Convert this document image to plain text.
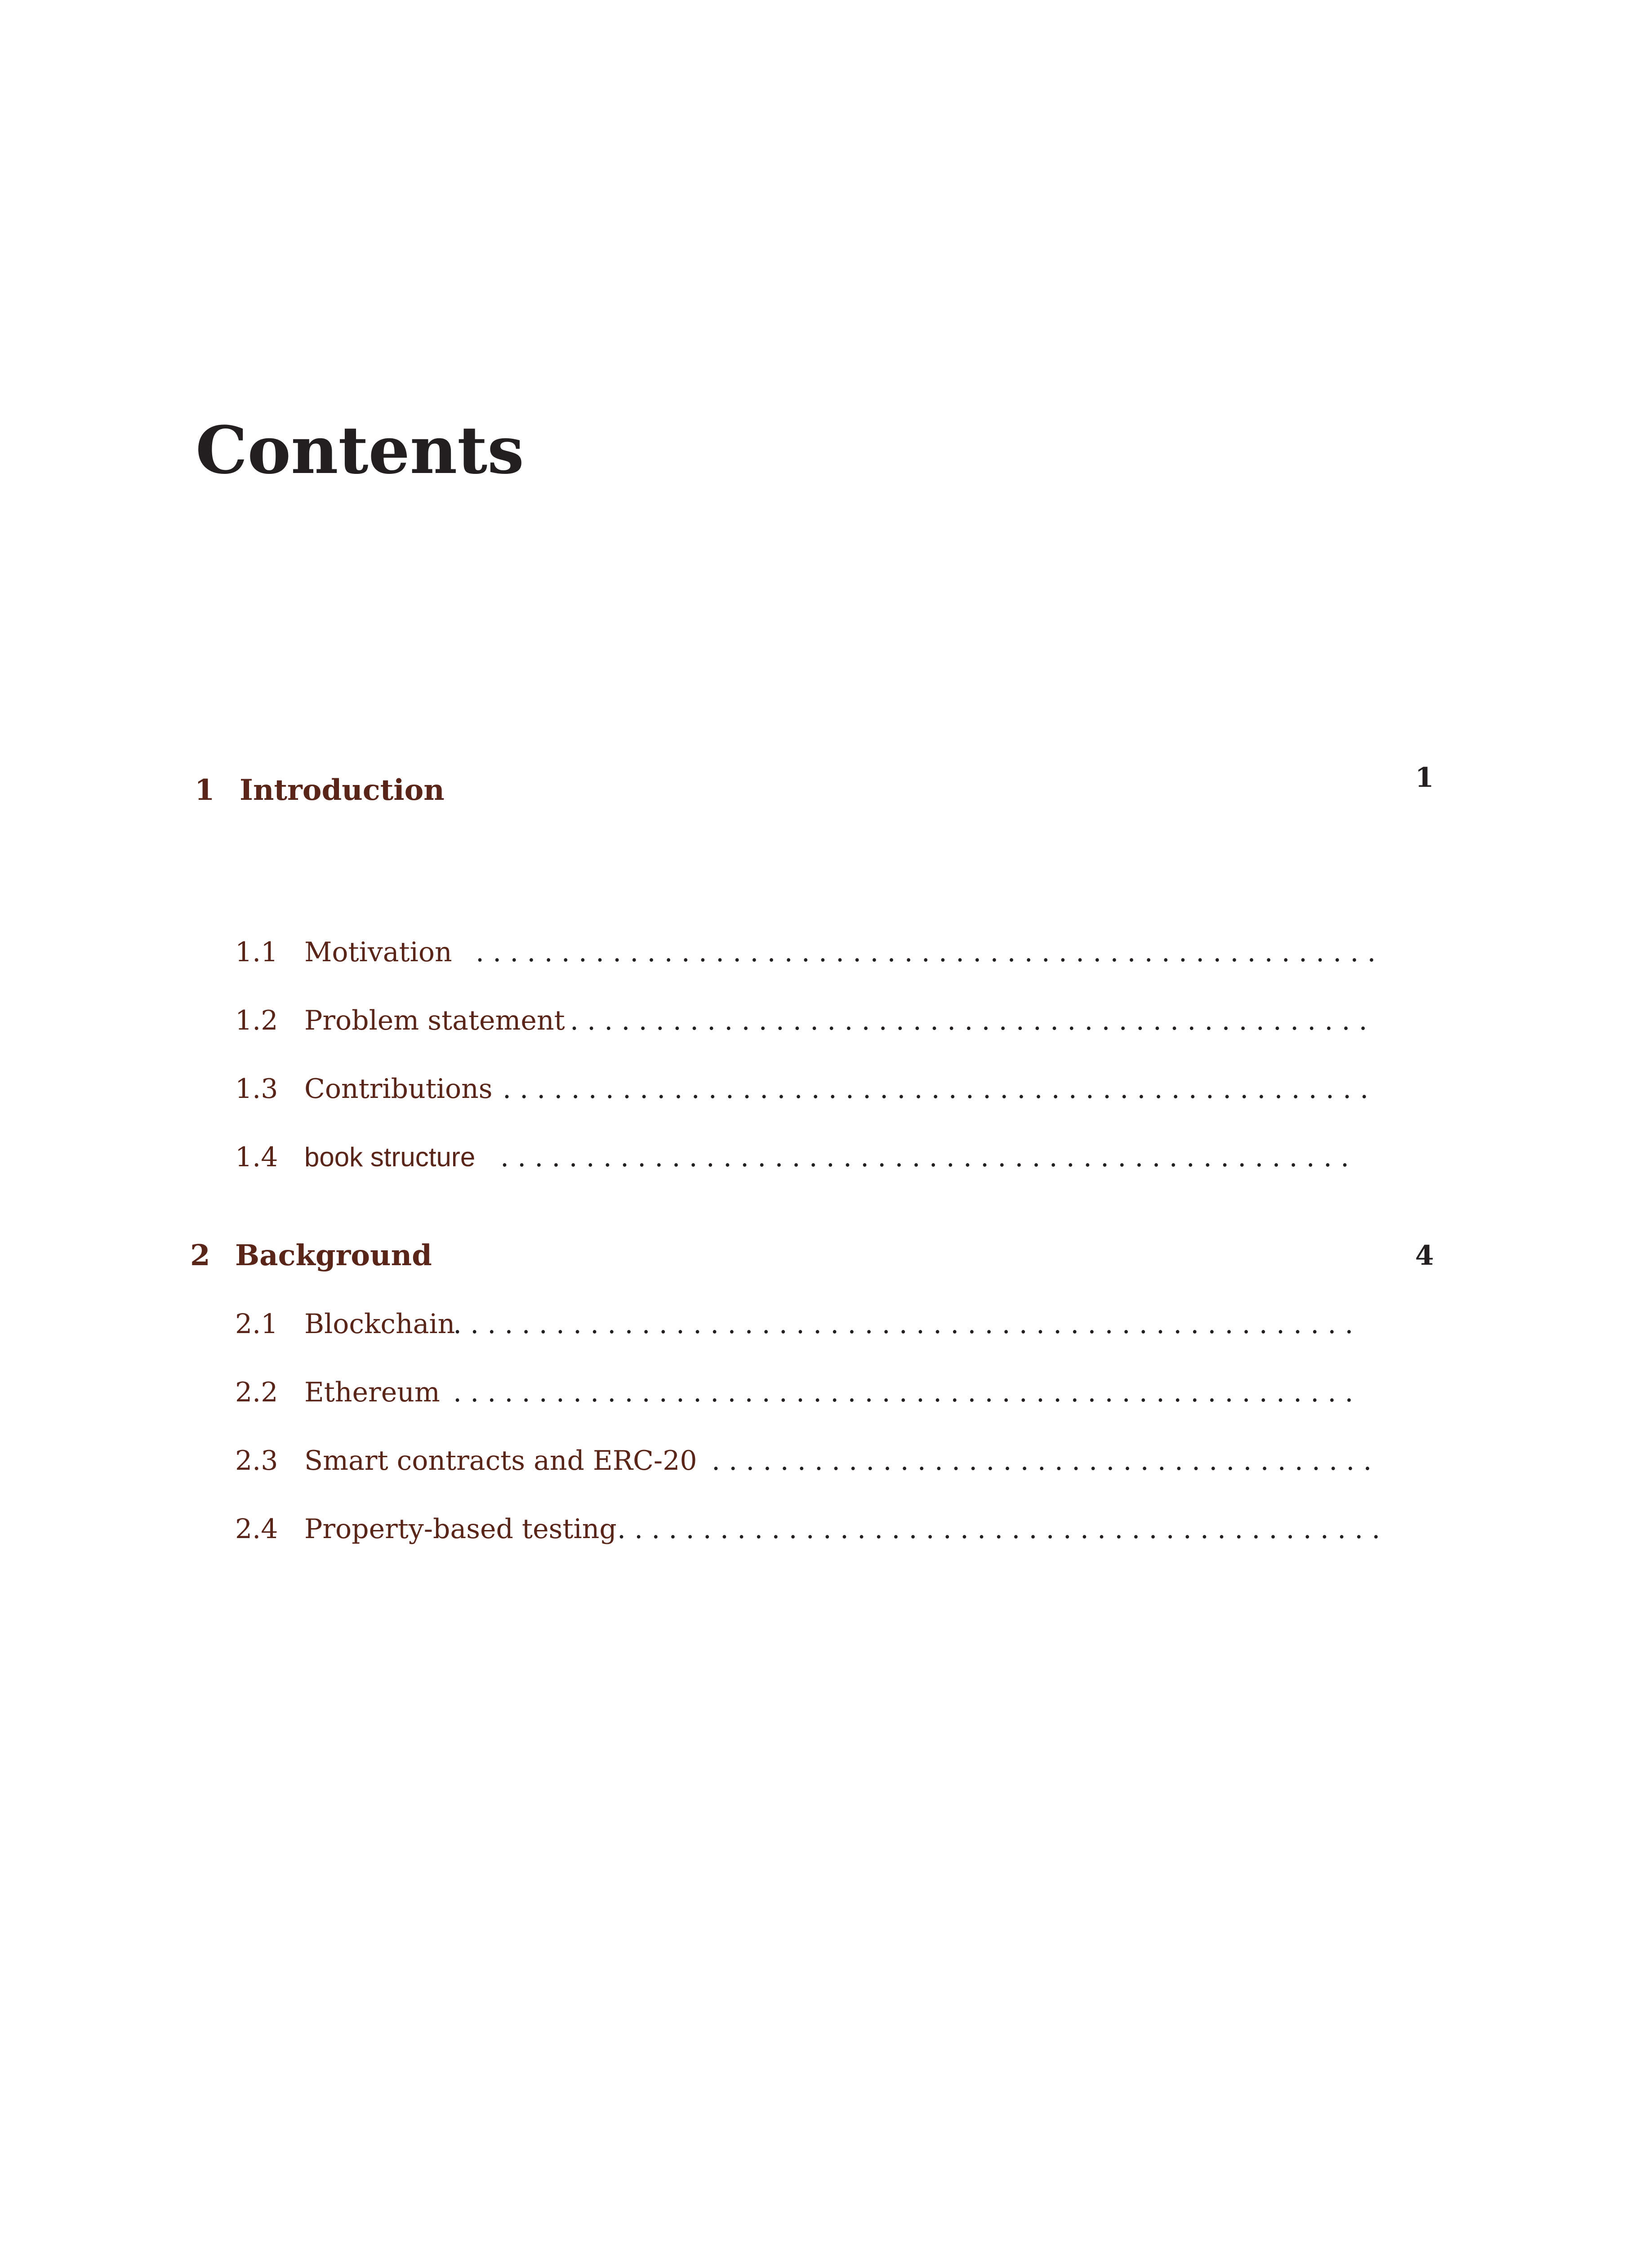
Contents
1 Introduction	1
1.1 Motivation . . . . . . . . . . . . . . . . . . . . . . . . . . . . . . . . . . . . . . . . . . . . . . . . . . . . .
1.2 Problem statement . . . . . . . . . . . . . . . . . . . . . . . . . . . . . . . . . . . . . . . . . . . . . . .
1.3 Contributions . . . . . . . . . . . . . . . . . . . . . . . . . . . . . . . . . . . . . . . . . . . . . . . . . . .
1.4 book structure . . . . . . . . . . . . . . . . . . . . . . . . . . . . . . . . . . . . . . . . . . . . . . . . . .
2 Background	4
2.1 Blockchain
. . . . . . . . . . . . . . . . . . . . . . . . . . . . . . . . . . . . . . . . . . . . . . . . . . . . .
2.2 Ethereum . . . . . . . . . . . . . . . . . . . . . . . . . . . . . . . . . . . . . . . . . . . . . . . . . . . . .
2.3 Smart contracts and ERC-20 . . . . . . . . . . . . . . . . . . . . . . . . . . . . . . . . . . . . . . .
2.4 Property-based testing . . . . . . . . . . . . . . . . . . . . . . . . . . . . . . . . . . . . . . . . . . . . .
